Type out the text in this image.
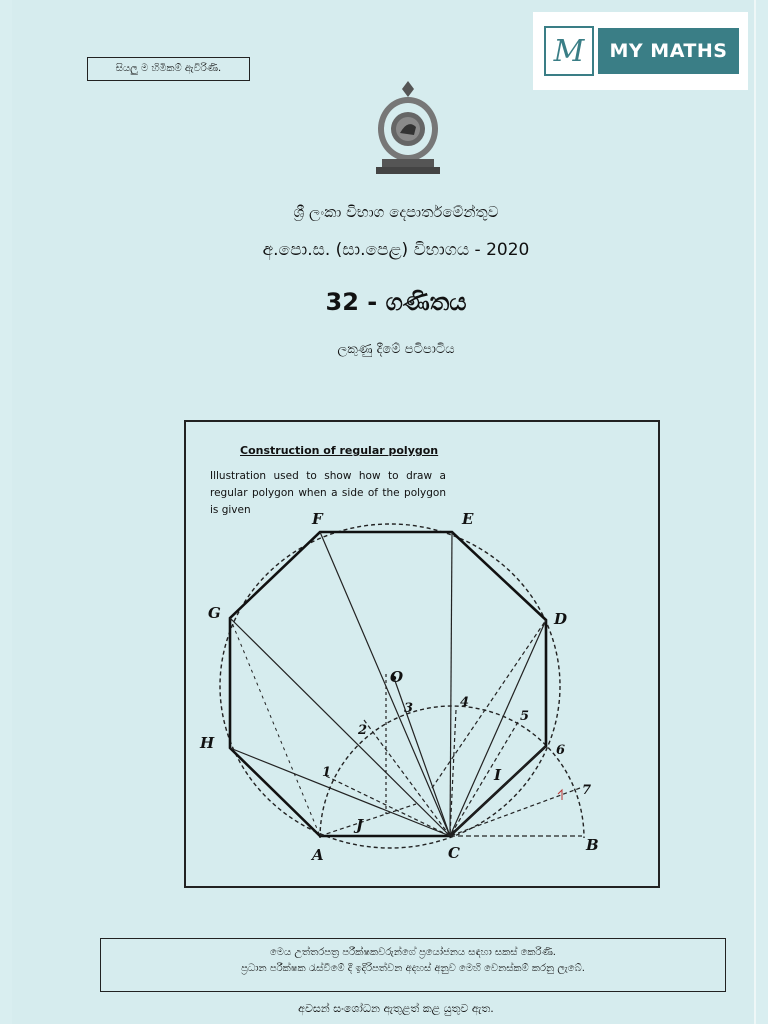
සියලු ම හිමිකම් ඇවිරිණි.	M	MY MATHS
ශ්‍රී ලංකා විභාග දෙපාර්තමේන්තුව
අ.පො.ස. (සා.පෙළ) විභාගය - 2020
32 - ගණිතය
ලකුණු දීමේ පටිපාටිය
F	E
D
G
H
A	C	B
O
J
I
1
2
3	4
5
6
7
Construction of regular polygon
Illustration used to show how to draw a regular polygon when a side of the polygon is given
මෙය උත්තරපත්‍ර පරීක්ෂකවරුන්ගේ ප්‍රයෝජනය සඳහා සකස් කෙරිණි.
ප්‍රධාන පරීක්ෂක රැස්වීමේ දී ඉදිරිපත්වන අදහස් අනුව මෙහි වෙනස්කම් කරනු ලැබේ.
අවසන් සංශෝධන ඇතුළත් කළ යුතුව ඇත.
